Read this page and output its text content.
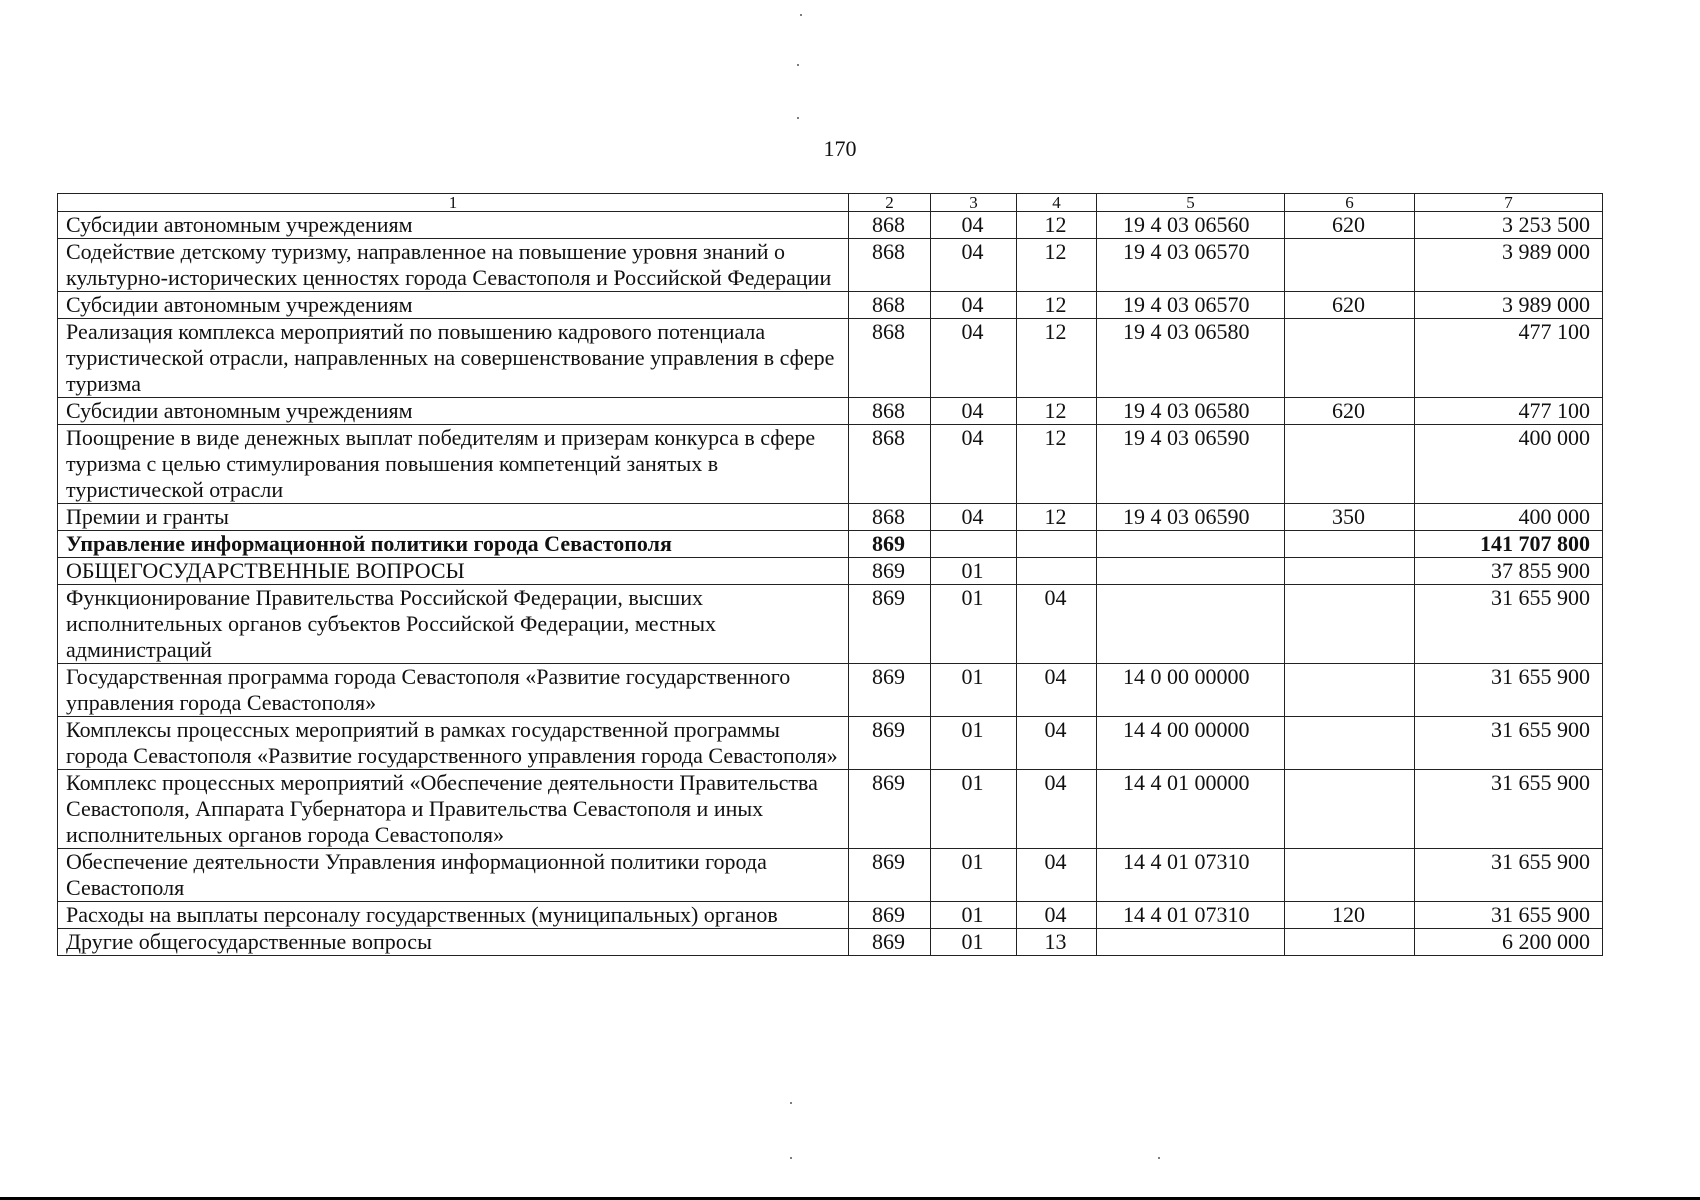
170
1	2	3	4	5	6	7
Субсидии автономным учреждениям	868	04	12	19 4 03 06560	620	3 253 500
Содействие детскому туризму, направленное на повышение уровня знаний о культурно-исторических ценностях города Севастополя и Российской Федерации	868	04	12	19 4 03 06570		3 989 000
Субсидии автономным учреждениям	868	04	12	19 4 03 06570	620	3 989 000
Реализация комплекса мероприятий по повышению кадрового потенциала туристической отрасли, направленных на совершенствование управления в сфере туризма	868	04	12	19 4 03 06580		477 100
Субсидии автономным учреждениям	868	04	12	19 4 03 06580	620	477 100
Поощрение в виде денежных выплат победителям и призерам конкурса в сфере туризма с целью стимулирования повышения компетенций занятых в туристической отрасли	868	04	12	19 4 03 06590		400 000
Премии и гранты	868	04	12	19 4 03 06590	350	400 000
Управление информационной политики города Севастополя	869					141 707 800
ОБЩЕГОСУДАРСТВЕННЫЕ ВОПРОСЫ	869	01				37 855 900
Функционирование Правительства Российской Федерации, высших исполнительных органов субъектов Российской Федерации, местных администраций	869	01	04			31 655 900
Государственная программа города Севастополя «Развитие государственного управления города Севастополя»	869	01	04	14 0 00 00000		31 655 900
Комплексы процессных мероприятий в рамках государственной программы города Севастополя «Развитие государственного управления города Севастополя»	869	01	04	14 4 00 00000		31 655 900
Комплекс процессных мероприятий «Обеспечение деятельности Правительства Севастополя, Аппарата Губернатора и Правительства Севастополя и иных исполнительных органов города Севастополя»	869	01	04	14 4 01 00000		31 655 900
Обеспечение деятельности Управления информационной политики города Севастополя	869	01	04	14 4 01 07310		31 655 900
Расходы на выплаты персоналу государственных (муниципальных) органов	869	01	04	14 4 01 07310	120	31 655 900
Другие общегосударственные вопросы	869	01	13			6 200 000
